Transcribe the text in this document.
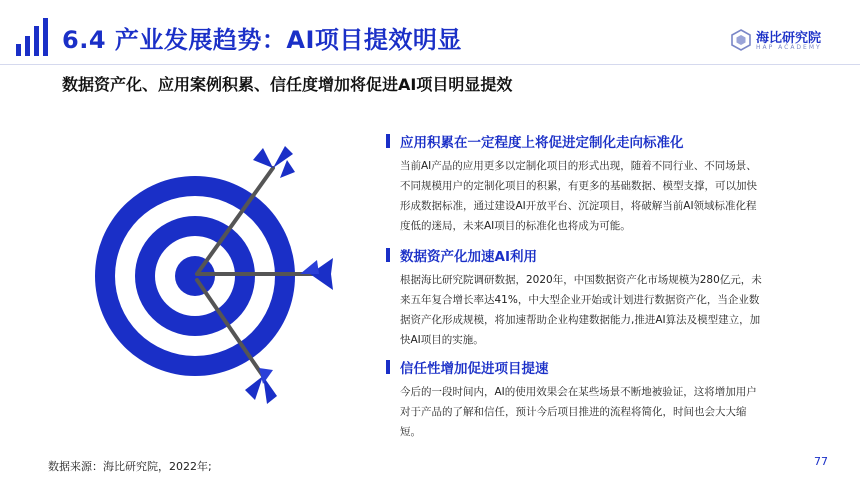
6.4 产业发展趋势：AI项目提效明显	海比研究院
HAP ACADEMY
数据资产化、应用案例积累、信任度增加将促进AI项目明显提效
应用积累在一定程度上将促进定制化走向标准化
当前AI产品的应用更多以定制化项目的形式出现，随着不同行业、不同场景、不同规模用户的定制化项目的积累，有更多的基础数据、模型支撑，可以加快形成数据标准，通过建设AI开放平台、沉淀项目，将破解当前AI领域标准化程度低的迷局，未来AI项目的标准化也将成为可能。
数据资产化加速AI利用
根据海比研究院调研数据，2020年，中国数据资产化市场规模为280亿元，未来五年复合增长率达41%，中大型企业开始或计划进行数据资产化，当企业数据资产化形成规模，将加速帮助企业构建数据能力,推进AI算法及模型建立，加快AI项目的实施。
信任性增加促进项目提速
今后的一段时间内，AI的使用效果会在某些场景不断地被验证，这将增加用户对于产品的了解和信任，预计今后项目推进的流程将简化，时间也会大大缩短。
数据来源：海比研究院，2022年;	77
